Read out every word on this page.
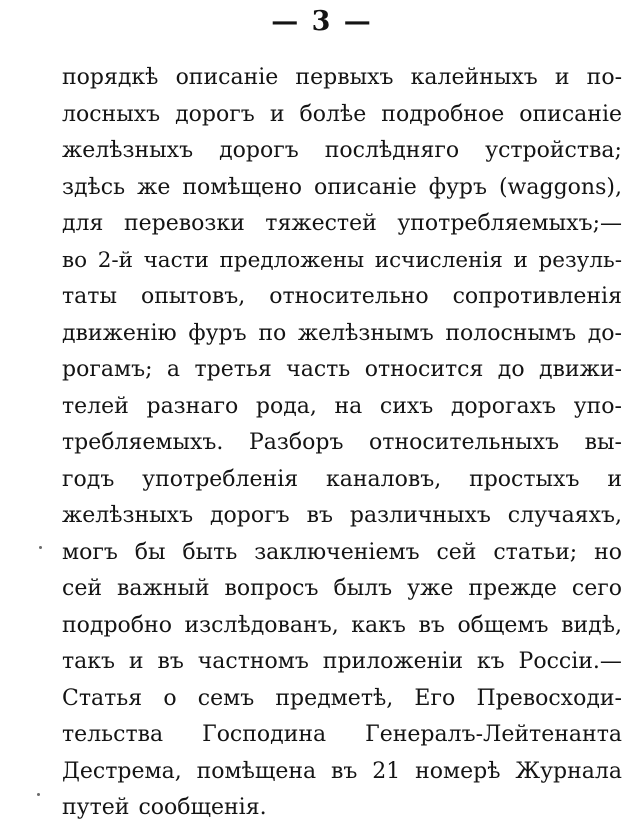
— 3 —
порядкѣ описаніе первыхъ калейныхъ и по-
лосныхъ дорогъ и болѣе подробное описаніе
желѣзныхъ дорогъ послѣдняго устройства;
здѣсь же помѣщено описаніе фуръ (waggons),
для перевозки тяжестей употребляемыхъ;—
во 2-й части предложены исчисленія и резуль-
таты опытовъ, относительно сопротивленія
движенію фуръ по желѣзнымъ полоснымъ до-
рогамъ; а третья часть относится до движи-
телей разнаго рода, на сихъ дорогахъ упо-
требляемыхъ. Разборъ относительныхъ вы-
годъ употребленія каналовъ, простыхъ и
желѣзныхъ дорогъ въ различныхъ случаяхъ,
могъ бы быть заключеніемъ сей статьи; но
сей важный вопросъ былъ уже прежде сего
подробно изслѣдованъ, какъ въ общемъ видѣ,
такъ и въ частномъ приложеніи къ Россіи.—
Статья о семъ предметѣ, Его Превосходи-
тельства Господина Генералъ-Лейтенанта
Дестрема, помѣщена въ 21 номерѣ Журнала
путей сообщенія.
